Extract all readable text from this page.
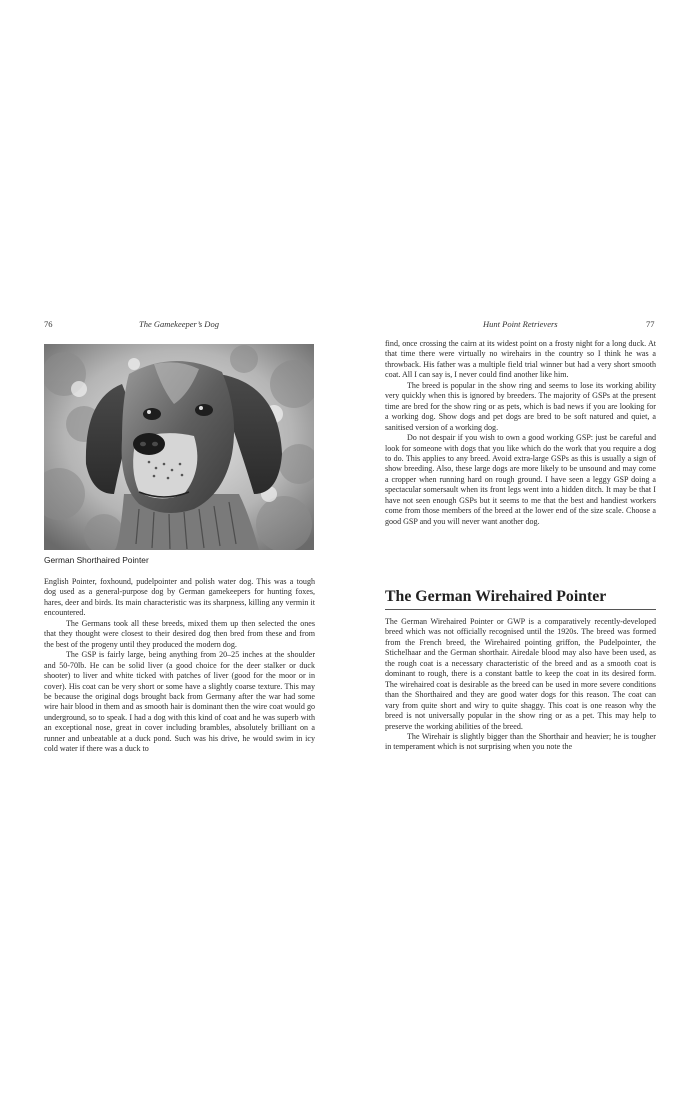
76	The Gamekeeper’s Dog
German Shorthaired Pointer

English Pointer, foxhound, pudelpointer and polish water dog. This was a tough dog used as a general-purpose dog by German gamekeepers for hunting foxes, hares, deer and birds. Its main characteristic was its sharpness, killing any vermin it encountered.

The Germans took all these breeds, mixed them up then selected the ones that they thought were closest to their desired dog then bred from these and from the best of the progeny until they produced the modern dog.

The GSP is fairly large, being anything from 20–25 inches at the shoulder and 50-70lb. He can be solid liver (a good choice for the deer stalker or duck shooter) to liver and white ticked with patches of liver (good for the moor or in cover). His coat can be very short or some have a slightly coarse texture. This may be because the original dogs brought back from Germany after the war had some wire hair blood in them and as smooth hair is dominant then the wire coat would go underground, so to speak. I had a dog with this kind of coat and he was superb with an exceptional nose, great in cover including brambles, absolutely brilliant on a runner and unbeatable at a duck pond. Such was his drive, he would swim in icy cold water if there was a duck to

Hunt Point Retrievers	77

find, once crossing the cairn at its widest point on a frosty night for a long duck. At that time there were virtually no wirehairs in the country so I think he was a throwback. His father was a multiple field trial winner but had a very short smooth coat. All I can say is, I never could find another like him.

The breed is popular in the show ring and seems to lose its working ability very quickly when this is ignored by breeders. The majority of GSPs at the present time are bred for the show ring or as pets, which is bad news if you are looking for a working dog. Show dogs and pet dogs are bred to be soft natured and quiet, a sanitised version of a working dog.

Do not despair if you wish to own a good working GSP: just be careful and look for someone with dogs that you like which do the work that you require a dog to do. This applies to any breed. Avoid extra-large GSPs as this is usually a sign of show breeding. Also, these large dogs are more likely to be unsound and may come a cropper when running hard on rough ground. I have seen a leggy GSP doing a spectacular somersault when its front legs went into a hidden ditch. It may be that I have not seen enough GSPs but it seems to me that the best and handiest workers come from those members of the breed at the lower end of the size scale. Choose a good GSP and you will never want another dog.

The German Wirehaired Pointer

The German Wirehaired Pointer or GWP is a comparatively recently-developed breed which was not officially recognised until the 1920s. The breed was formed from the French breed, the Wirehaired pointing griffon, the Pudelpointer, the Stichelhaar and the German shorthair. Airedale blood may also have been used, as the rough coat is a necessary characteristic of the breed and as a smooth coat is dominant to rough, there is a constant battle to keep the coat in its desired form. The wirehaired coat is desirable as the breed can be used in more severe conditions than the Shorthaired and they are good water dogs for this reason. The coat can vary from quite short and wiry to quite shaggy. This coat is one reason why the breed is not universally popular in the show ring or as a pet. This may help to preserve the working abilities of the breed.

The Wirehair is slightly bigger than the Shorthair and heavier; he is tougher in temperament which is not surprising when you note the
